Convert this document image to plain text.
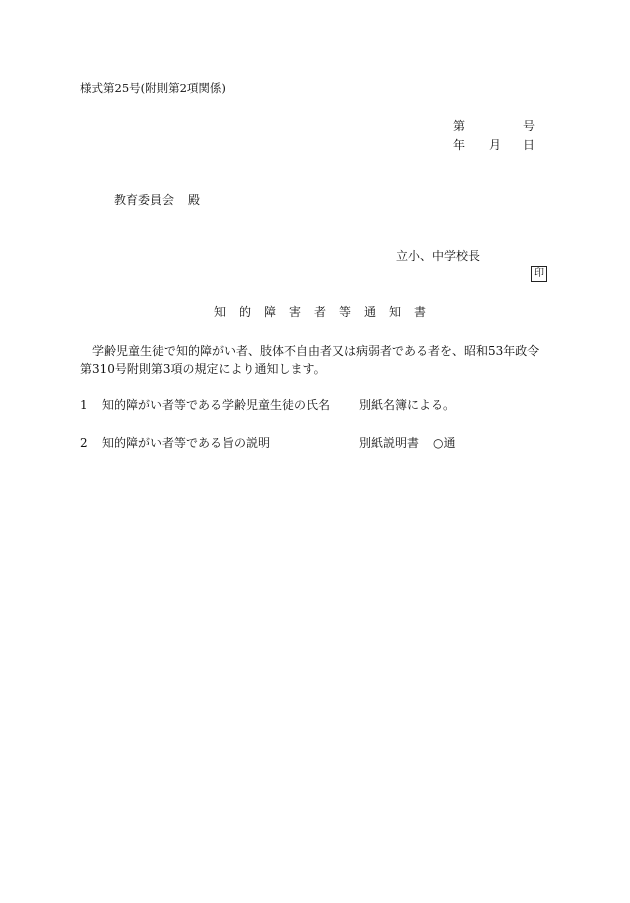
様式第25号(附則第2項関係)
第	号
年 月 日
教育委員会 殿
立小、中学校長
印
知的障害者等通知書
学齢児童生徒で知的障がい者、肢体不自由者又は病弱者である者を、昭和53年政令第310号附則第3項の規定により通知します。
1 知的障がい者等である学齢児童生徒の氏名 別紙名簿による。
2 知的障がい者等である旨の説明	別紙説明書 ○通
